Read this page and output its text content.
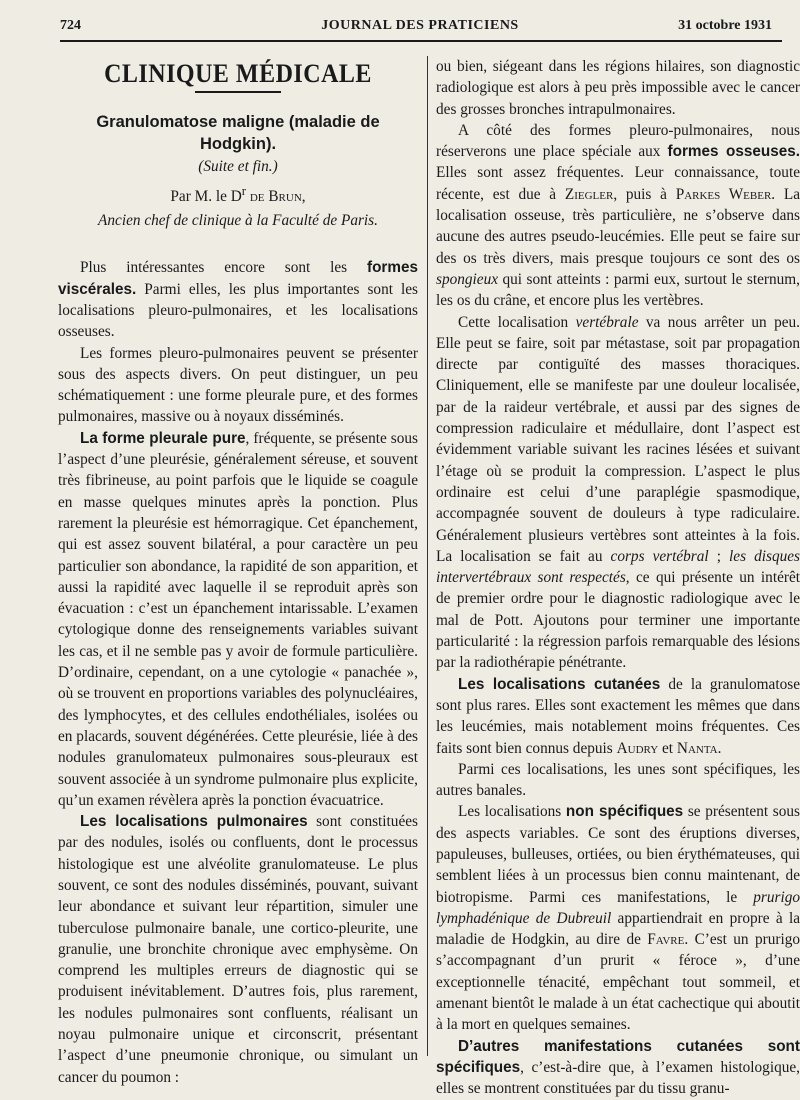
724	JOURNAL DES PRATICIENS	31 octobre 1931
CLINIQUE MÉDICALE
Granulomatose maligne (maladie de Hodgkin).
(Suite et fin.)
Par M. le $D^r$ de Brun,
Ancien chef de clinique à la Faculté de Paris.

Plus intéressantes encore sont les formes viscérales. Parmi elles, les plus importantes sont les localisations pleuro-pulmonaires, et les localisations osseuses.

Les formes pleuro-pulmonaires peuvent se présenter sous des aspects divers. On peut distinguer, un peu schématiquement : une forme pleurale pure, et des formes pulmonaires, massive ou à noyaux disséminés.

La forme pleurale pure, fréquente, se présente sous l’aspect d’une pleurésie, généralement séreuse, et souvent très fibrineuse, au point parfois que le liquide se coagule en masse quelques minutes après la ponction. Plus rarement la pleurésie est hémorragique. Cet épanchement, qui est assez souvent bilatéral, a pour caractère un peu particulier son abondance, la rapidité de son apparition, et aussi la rapidité avec laquelle il se reproduit après son évacuation : c’est un épanchement intarissable. L’examen cytologique donne des renseignements variables suivant les cas, et il ne semble pas y avoir de formule particulière. D’ordinaire, cependant, on a une cytologie « panachée », où se trouvent en proportions variables des polynucléaires, des lymphocytes, et des cellules endothéliales, isolées ou en placards, souvent dégénérées. Cette pleurésie, liée à des nodules granulomateux pulmonaires sous-pleuraux est souvent associée à un syndrome pulmonaire plus explicite, qu’un examen révèlera après la ponction évacuatrice.

Les localisations pulmonaires sont constituées par des nodules, isolés ou confluents, dont le processus histologique est une alvéolite granulomateuse. Le plus souvent, ce sont des nodules disséminés, pouvant, suivant leur abondance et suivant leur répartition, simuler une tuberculose pulmonaire banale, une cortico-pleurite, une granulie, une bronchite chronique avec emphysème. On comprend les multiples erreurs de diagnostic qui se produisent inévitablement. D’autres fois, plus rarement, les nodules pulmonaires sont confluents, réalisant un noyau pulmonaire unique et circonscrit, présentant l’aspect d’une pneumonie chronique, ou simulant un cancer du poumon :

ou bien, siégeant dans les régions hilaires, son diagnostic radiologique est alors à peu près impossible avec le cancer des grosses bronches intrapulmonaires.

A côté des formes pleuro-pulmonaires, nous réserverons une place spéciale aux formes osseuses. Elles sont assez fréquentes. Leur connaissance, toute récente, est due à Ziegler, puis à Parkes Weber. La localisation osseuse, très particulière, ne s’observe dans aucune des autres pseudo-leucémies. Elle peut se faire sur des os très divers, mais presque toujours ce sont des os spongieux qui sont atteints : parmi eux, surtout le sternum, les os du crâne, et encore plus les vertèbres.

Cette localisation vertébrale va nous arrêter un peu. Elle peut se faire, soit par métastase, soit par propagation directe par contiguïté des masses thoraciques. Cliniquement, elle se manifeste par une douleur localisée, par de la raideur vertébrale, et aussi par des signes de compression radiculaire et médullaire, dont l’aspect est évidemment variable suivant les racines lésées et suivant l’étage où se produit la compression. L’aspect le plus ordinaire est celui d’une paraplégie spasmodique, accompagnée souvent de douleurs à type radiculaire. Généralement plusieurs vertèbres sont atteintes à la fois. La localisation se fait au corps vertébral ; les disques intervertébraux sont respectés, ce qui présente un intérêt de premier ordre pour le diagnostic radiologique avec le mal de Pott. Ajoutons pour terminer une importante particularité : la régression parfois remarquable des lésions par la radiothérapie pénétrante.

Les localisations cutanées de la granulomatose sont plus rares. Elles sont exactement les mêmes que dans les leucémies, mais notablement moins fréquentes. Ces faits sont bien connus depuis Audry et Nanta.

Parmi ces localisations, les unes sont spécifiques, les autres banales.

Les localisations non spécifiques se présentent sous des aspects variables. Ce sont des éruptions diverses, papuleuses, bulleuses, ortiées, ou bien érythémateuses, qui semblent liées à un processus bien connu maintenant, de biotropisme. Parmi ces manifestations, le prurigo lymphadénique de Dubreuil appartiendrait en propre à la maladie de Hodgkin, au dire de Favre. C’est un prurigo s’accompagnant d’un prurit « féroce », d’une exceptionnelle ténacité, empêchant tout sommeil, et amenant bientôt le malade à un état cachectique qui aboutit à la mort en quelques semaines.

D’autres manifestations cutanées sont spécifiques, c’est-à-dire que, à l’examen histologique, elles se montrent constituées par du tissu granu-
